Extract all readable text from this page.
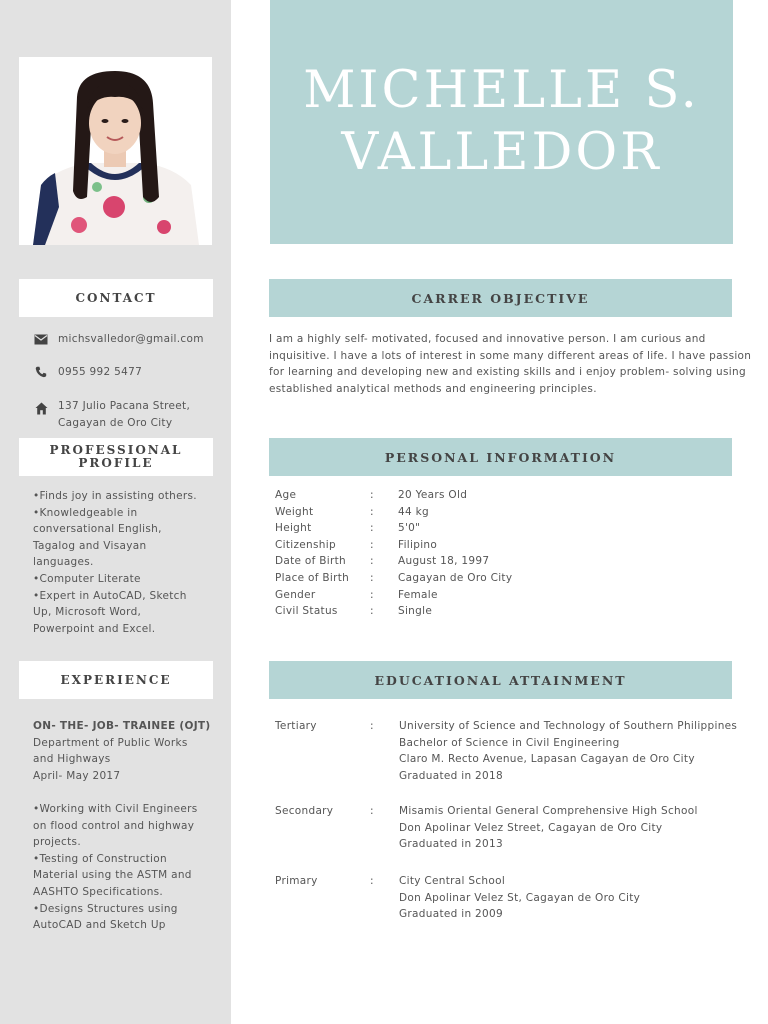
CONTACT
michsvalledor@gmail.com
0955 992 5477
137 Julio Pacana Street,
Cagayan de Oro City
PROFESSIONAL
PROFILE
•Finds joy in assisting others.
•Knowledgeable in
conversational English,
Tagalog and Visayan
languages.
•Computer Literate
•Expert in AutoCAD, Sketch
Up, Microsoft Word,
Powerpoint and Excel.
EXPERIENCE
ON- THE- JOB- TRAINEE (OJT)
Department of Public Works
and Highways
April- May 2017
•Working with Civil Engineers
on flood control and highway
projects.
•Testing of Construction
Material using the ASTM and
AASHTO Specifications.
•Designs Structures using
AutoCAD and Sketch Up
MICHELLE S.
VALLEDOR
CARRER OBJECTIVE
I am a highly self- motivated, focused and innovative person. I am curious and
inquisitive. I have a lots of interest in some many different areas of life. I have passion
for learning and developing new and existing skills and i enjoy problem- solving using
established analytical methods and engineering principles.
PERSONAL INFORMATION
Age	: 20 Years Old
Weight	: 44 kg
Height	: 5'0"
Citizenship	: Filipino
Date of Birth : August 18, 1997
Place of Birth : Cagayan de Oro City
Gender	: Female
Civil Status	: Single
EDUCATIONAL ATTAINMENT
Tertiary	: University of Science and Technology of Southern Philippines
Bachelor of Science in Civil Engineering
Claro M. Recto Avenue, Lapasan Cagayan de Oro City
Graduated in 2018
Secondary	: Misamis Oriental General Comprehensive High School
Don Apolinar Velez Street, Cagayan de Oro City
Graduated in 2013
Primary	: City Central School
Don Apolinar Velez St, Cagayan de Oro City
Graduated in 2009
